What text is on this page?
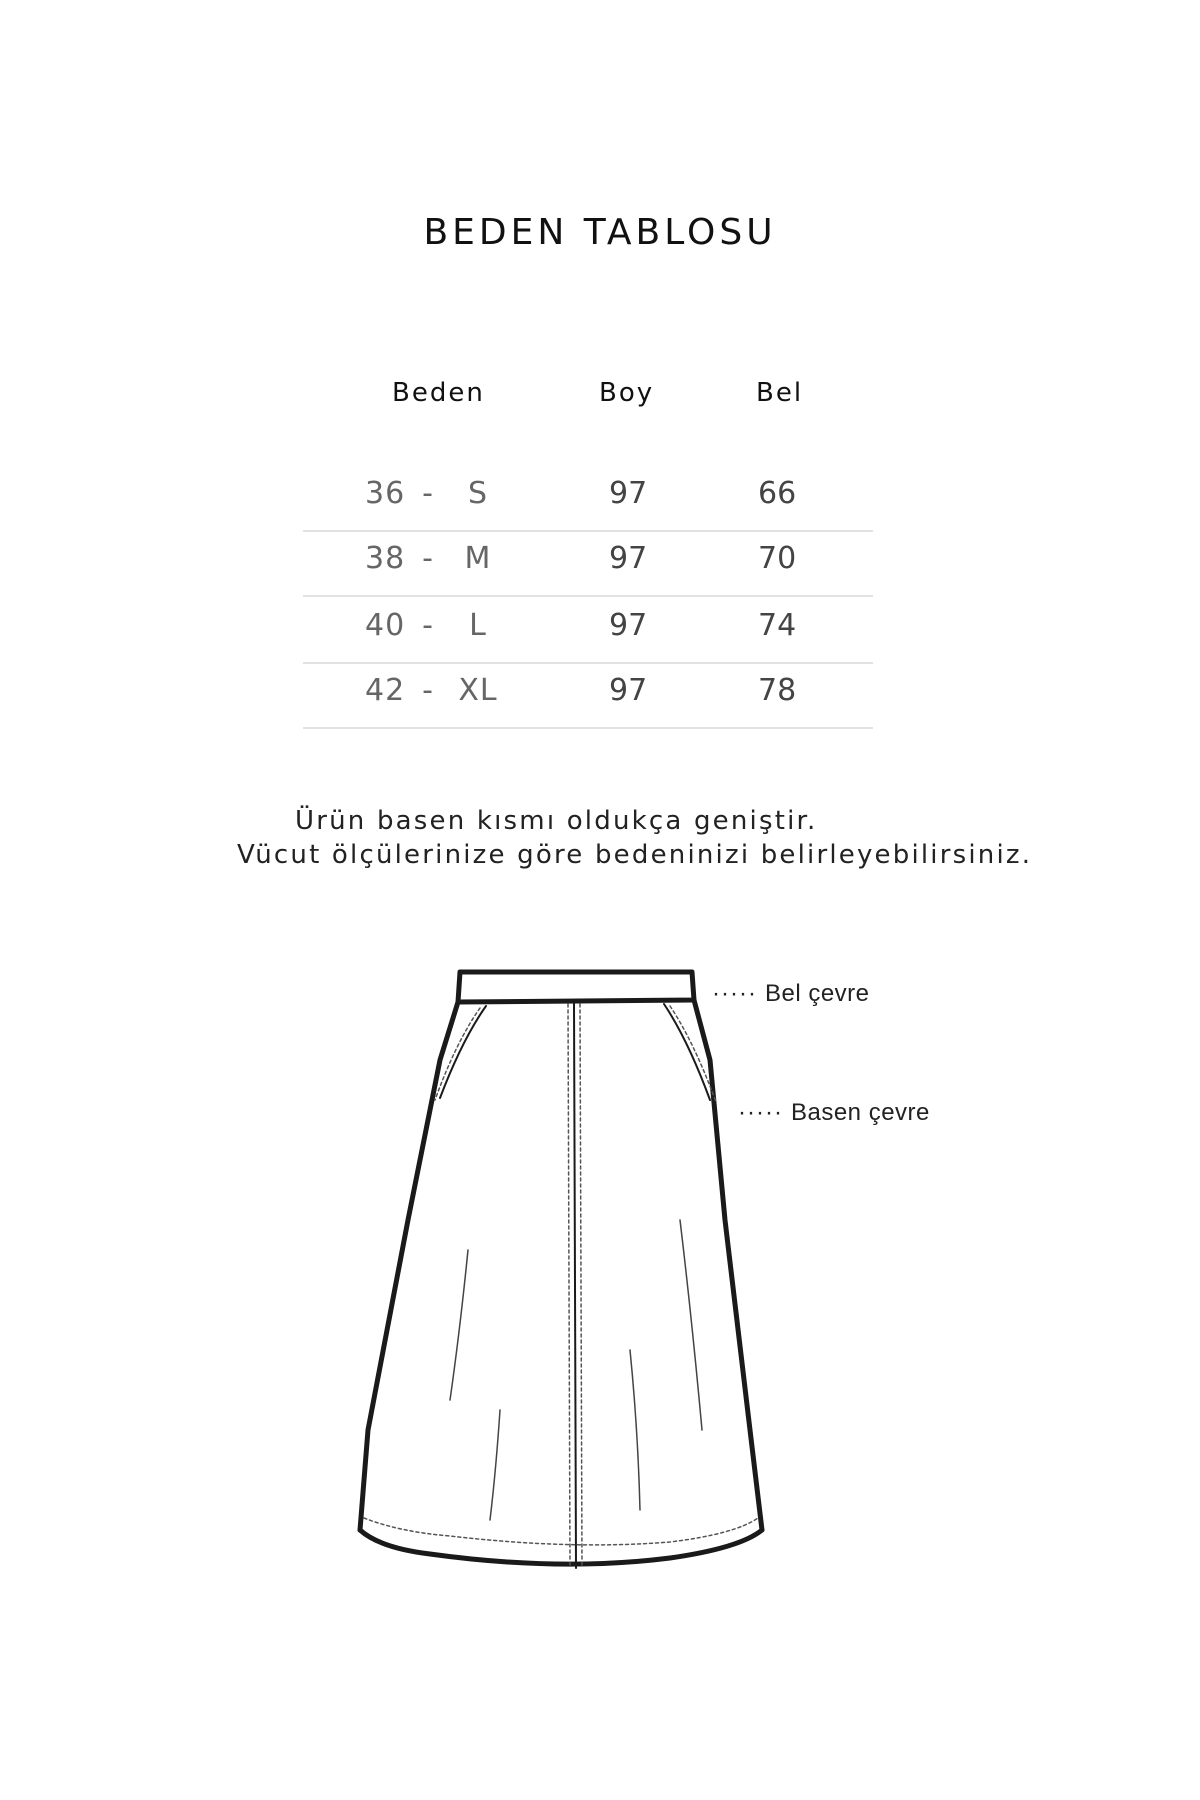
BEDEN TABLOSU
Beden	Boy	Bel
36 - S	97	66
38 - M	97	70
40 - L	97	74
42 - XL	97	78
Ürün basen kısmı oldukça geniştir.
Vücut ölçülerinize göre bedeninizi belirleyebilirsiniz.
····· Bel çevre
····· Basen çevre
